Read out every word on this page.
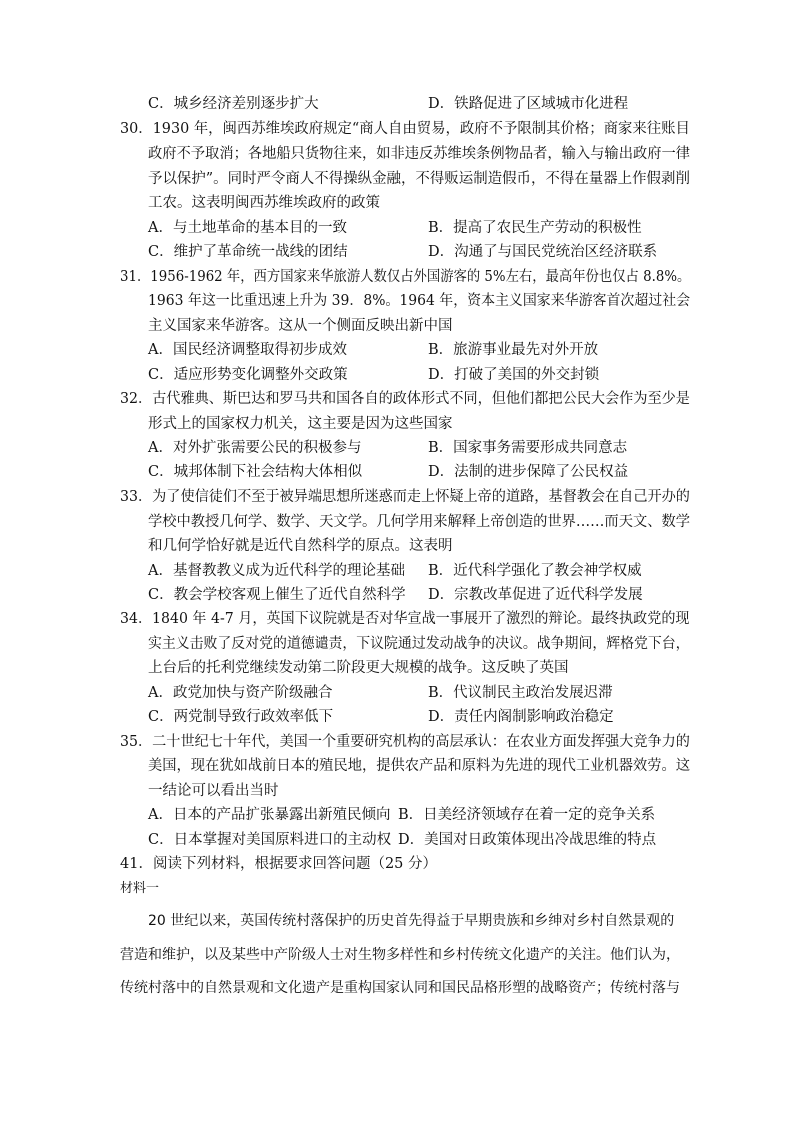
C．城乡经济差别逐步扩大	D．铁路促进了区域城市化进程
30．1930 年，闽西苏维埃政府规定“商人自由贸易，政府不予限制其价格；商家来往账目
政府不予取消；各地船只货物往来，如非违反苏维埃条例物品者，输入与输出政府一律
予以保护”。同时严令商人不得操纵金融，不得贩运制造假币，不得在量器上作假剥削
工农。这表明闽西苏维埃政府的政策
A．与土地革命的基本目的一致	B．提高了农民生产劳动的积极性
C．维护了革命统一战线的团结	D．沟通了与国民党统治区经济联系
31．1956-1962 年，西方国家来华旅游人数仅占外国游客的 5%左右，最高年份也仅占 8.8%。
1963 年这一比重迅速上升为 39．8%。1964 年，资本主义国家来华游客首次超过社会
主义国家来华游客。这从一个侧面反映出新中国
A．国民经济调整取得初步成效	B．旅游事业最先对外开放
C．适应形势变化调整外交政策	D．打破了美国的外交封锁
32．古代雅典、斯巴达和罗马共和国各自的政体形式不同，但他们都把公民大会作为至少是
形式上的国家权力机关，这主要是因为这些国家
A．对外扩张需要公民的积极参与	B．国家事务需要形成共同意志
C．城邦体制下社会结构大体相似	D．法制的进步保障了公民权益
33．为了使信徒们不至于被异端思想所迷惑而走上怀疑上帝的道路，基督教会在自己开办的
学校中教授几何学、数学、天文学。几何学用来解释上帝创造的世界……而天文、数学
和几何学恰好就是近代自然科学的原点。这表明
A．基督教教义成为近代科学的理论基础 B．近代科学强化了教会神学权威
C．教会学校客观上催生了近代自然科学 D．宗教改革促进了近代科学发展
34．1840 年 4-7 月，英国下议院就是否对华宣战一事展开了激烈的辩论。最终执政党的现
实主义击败了反对党的道德谴责，下议院通过发动战争的决议。战争期间，辉格党下台，
上台后的托利党继续发动第二阶段更大规模的战争。这反映了英国
A．政党加快与资产阶级融合	B．代议制民主政治发展迟滞
C．两党制导致行政效率低下	D．责任内阁制影响政治稳定
35．二十世纪七十年代，美国一个重要研究机构的高层承认：在农业方面发挥强大竞争力的
美国，现在犹如战前日本的殖民地，提供农产品和原料为先进的现代工业机器效劳。这
一结论可以看出当时
A．日本的产品扩张暴露出新殖民倾向 B．日美经济领域存在着一定的竞争关系
C．日本掌握对美国原料进口的主动权 D．美国对日政策体现出冷战思维的特点
41．阅读下列材料，根据要求回答问题（25 分）
材料一
20 世纪以来，英国传统村落保护的历史首先得益于早期贵族和乡绅对乡村自然景观的
营造和维护，以及某些中产阶级人士对生物多样性和乡村传统文化遗产的关注。他们认为，
传统村落中的自然景观和文化遗产是重构国家认同和国民品格形塑的战略资产；传统村落与
